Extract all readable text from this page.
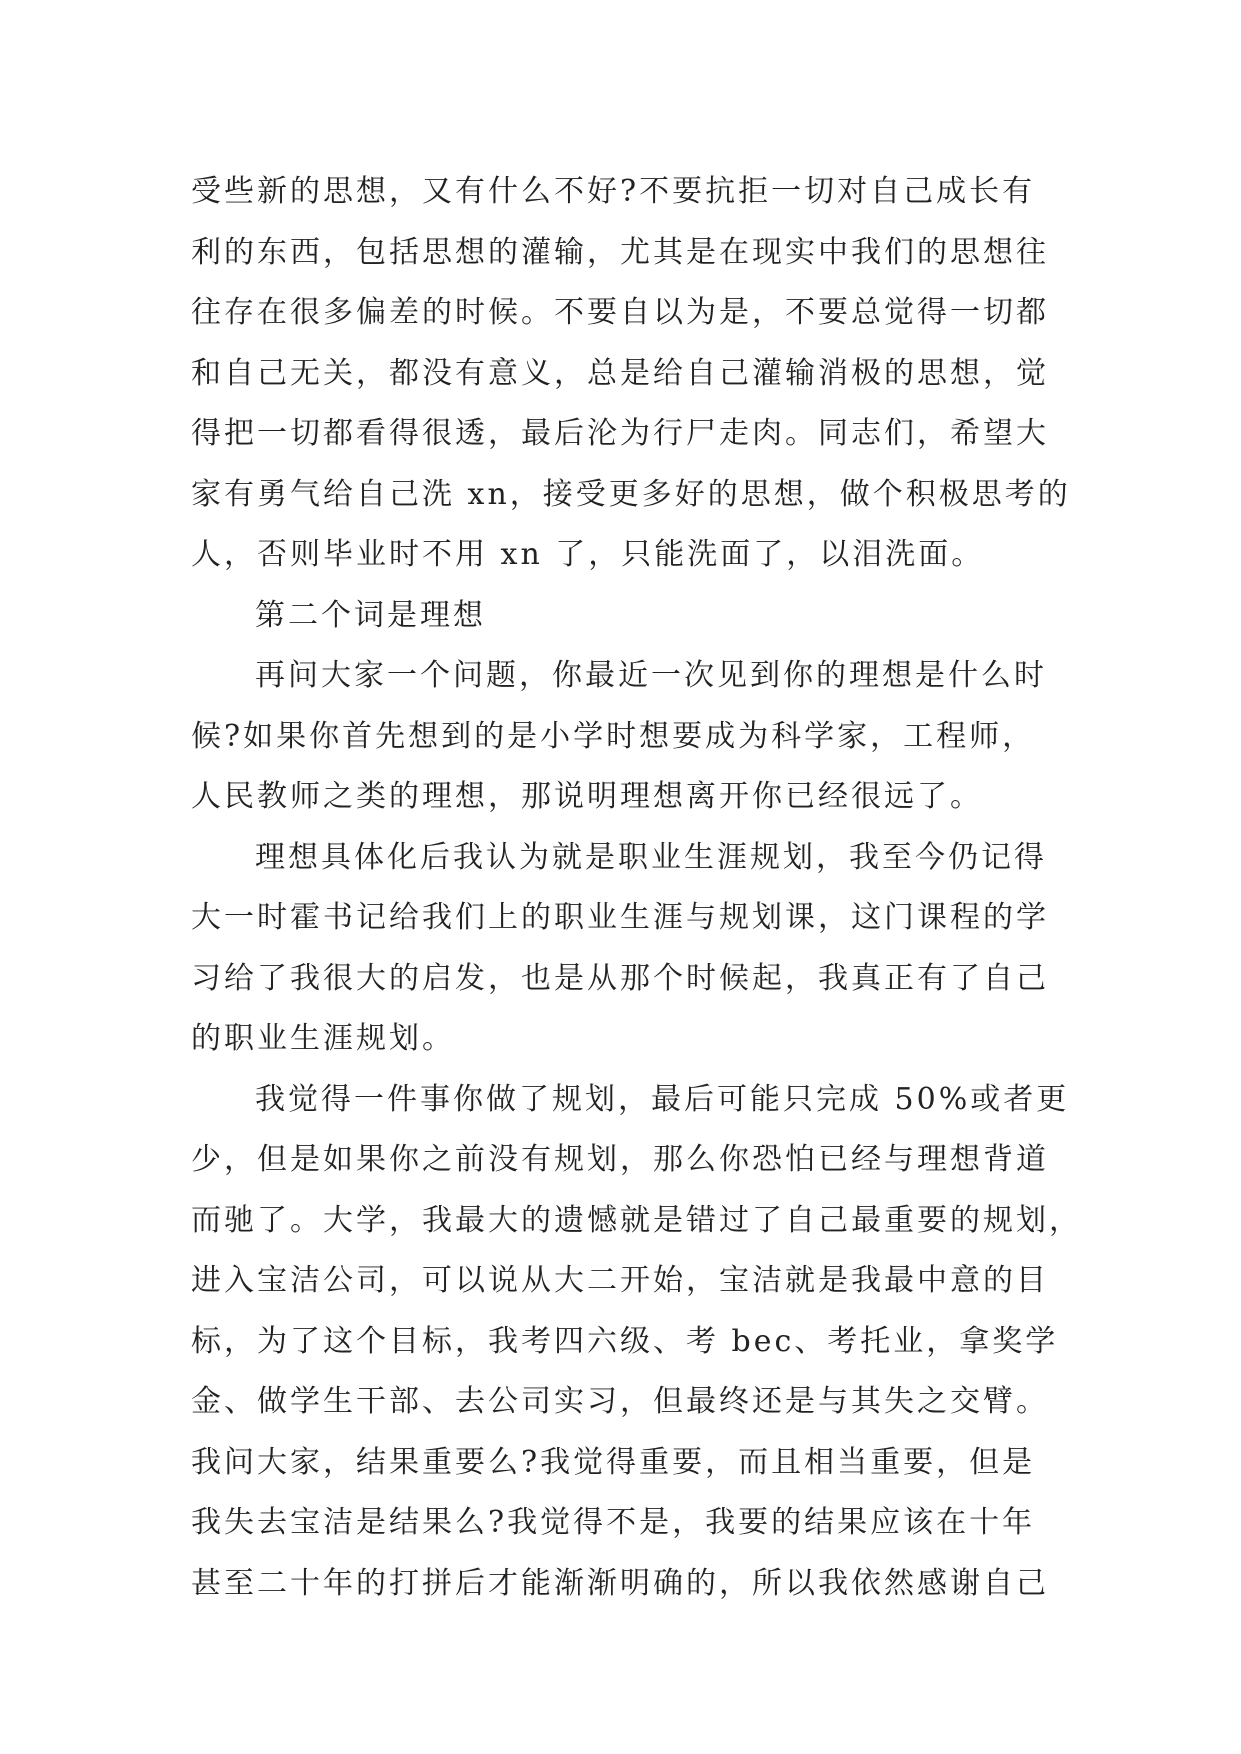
受些新的思想，又有什么不好?不要抗拒一切对自己成长有
利的东西，包括思想的灌输，尤其是在现实中我们的思想往
往存在很多偏差的时候。不要自以为是，不要总觉得一切都
和自己无关，都没有意义，总是给自己灌输消极的思想，觉
得把一切都看得很透，最后沦为行尸走肉。同志们，希望大
家有勇气给自己洗 xn，接受更多好的思想，做个积极思考的
人，否则毕业时不用 xn 了，只能洗面了，以泪洗面。
第二个词是理想
再问大家一个问题，你最近一次见到你的理想是什么时
候?如果你首先想到的是小学时想要成为科学家，工程师，
人民教师之类的理想，那说明理想离开你已经很远了。
理想具体化后我认为就是职业生涯规划，我至今仍记得
大一时霍书记给我们上的职业生涯与规划课，这门课程的学
习给了我很大的启发，也是从那个时候起，我真正有了自己
的职业生涯规划。
我觉得一件事你做了规划，最后可能只完成 50%或者更
少，但是如果你之前没有规划，那么你恐怕已经与理想背道
而驰了。大学，我最大的遗憾就是错过了自己最重要的规划，
进入宝洁公司，可以说从大二开始，宝洁就是我最中意的目
标，为了这个目标，我考四六级、考 bec、考托业，拿奖学
金、做学生干部、去公司实习，但最终还是与其失之交臂。
我问大家，结果重要么?我觉得重要，而且相当重要，但是
我失去宝洁是结果么?我觉得不是，我要的结果应该在十年
甚至二十年的打拼后才能渐渐明确的，所以我依然感谢自己
